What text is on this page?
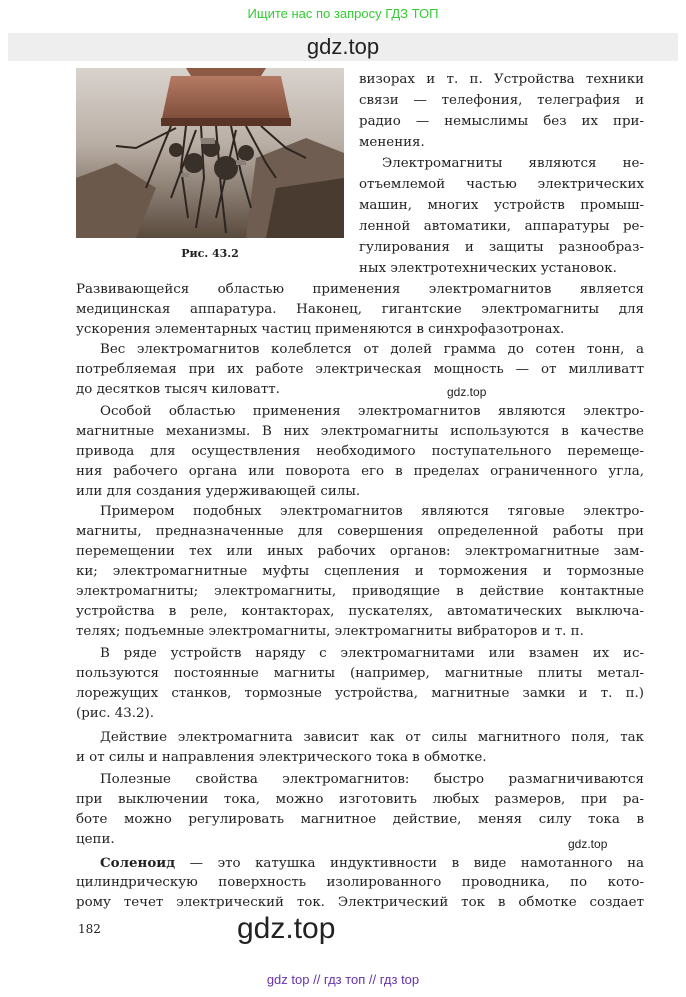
Ищите нас по запросу ГДЗ ТОП
gdz.top
Рис. 43.2
визорах и т. п. Устройства техники
связи — телефония, телеграфия и
радио — немыслимы без их при-
менения.
Электромагниты являются не-
отъемлемой частью электрических
машин, многих устройств промыш-
ленной автоматики, аппаратуры ре-
гулирования и защиты разнообраз-
ных электротехнических установок.
Развивающейся областью применения электромагнитов является
медицинская аппаратура. Наконец, гигантские электромагниты для
ускорения элементарных частиц применяются в синхрофазотронах.
Вес электромагнитов колеблется от долей грамма до сотен тонн, а
потребляемая при их работе электрическая мощность — от милливатт
до десятков тысяч киловатт.	gdz.top
Особой областью применения электромагнитов являются электро-
магнитные механизмы. В них электромагниты используются в качестве
привода для осуществления необходимого поступательного перемеще-
ния рабочего органа или поворота его в пределах ограниченного угла,
или для создания удерживающей силы.
Примером подобных электромагнитов являются тяговые электро-
магниты, предназначенные для совершения определенной работы при
перемещении тех или иных рабочих органов: электромагнитные зам-
ки; электромагнитные муфты сцепления и торможения и тормозные
электромагниты; электромагниты, приводящие в действие контактные
устройства в реле, контакторах, пускателях, автоматических выключа-
телях; подъемные электромагниты, электромагниты вибраторов и т. п.
В ряде устройств наряду с электромагнитами или взамен их ис-
пользуются постоянные магниты (например, магнитные плиты метал-
лорежущих станков, тормозные устройства, магнитные замки и т. п.)
(рис. 43.2).
Действие электромагнита зависит как от силы магнитного поля, так
и от силы и направления электрического тока в обмотке.
Полезные свойства электромагнитов: быстро размагничиваются
при выключении тока, можно изготовить любых размеров, при ра-
боте можно регулировать магнитное действие, меняя силу тока в
цепи.	gdz.top
Соленоид — это катушка индуктивности в виде намотанного на
цилиндрическую поверхность изолированного проводника, по кото-
рому течет электрический ток. Электрический ток в обмотке создает
182	gdz.top
gdz top // гдз топ // гдз top
